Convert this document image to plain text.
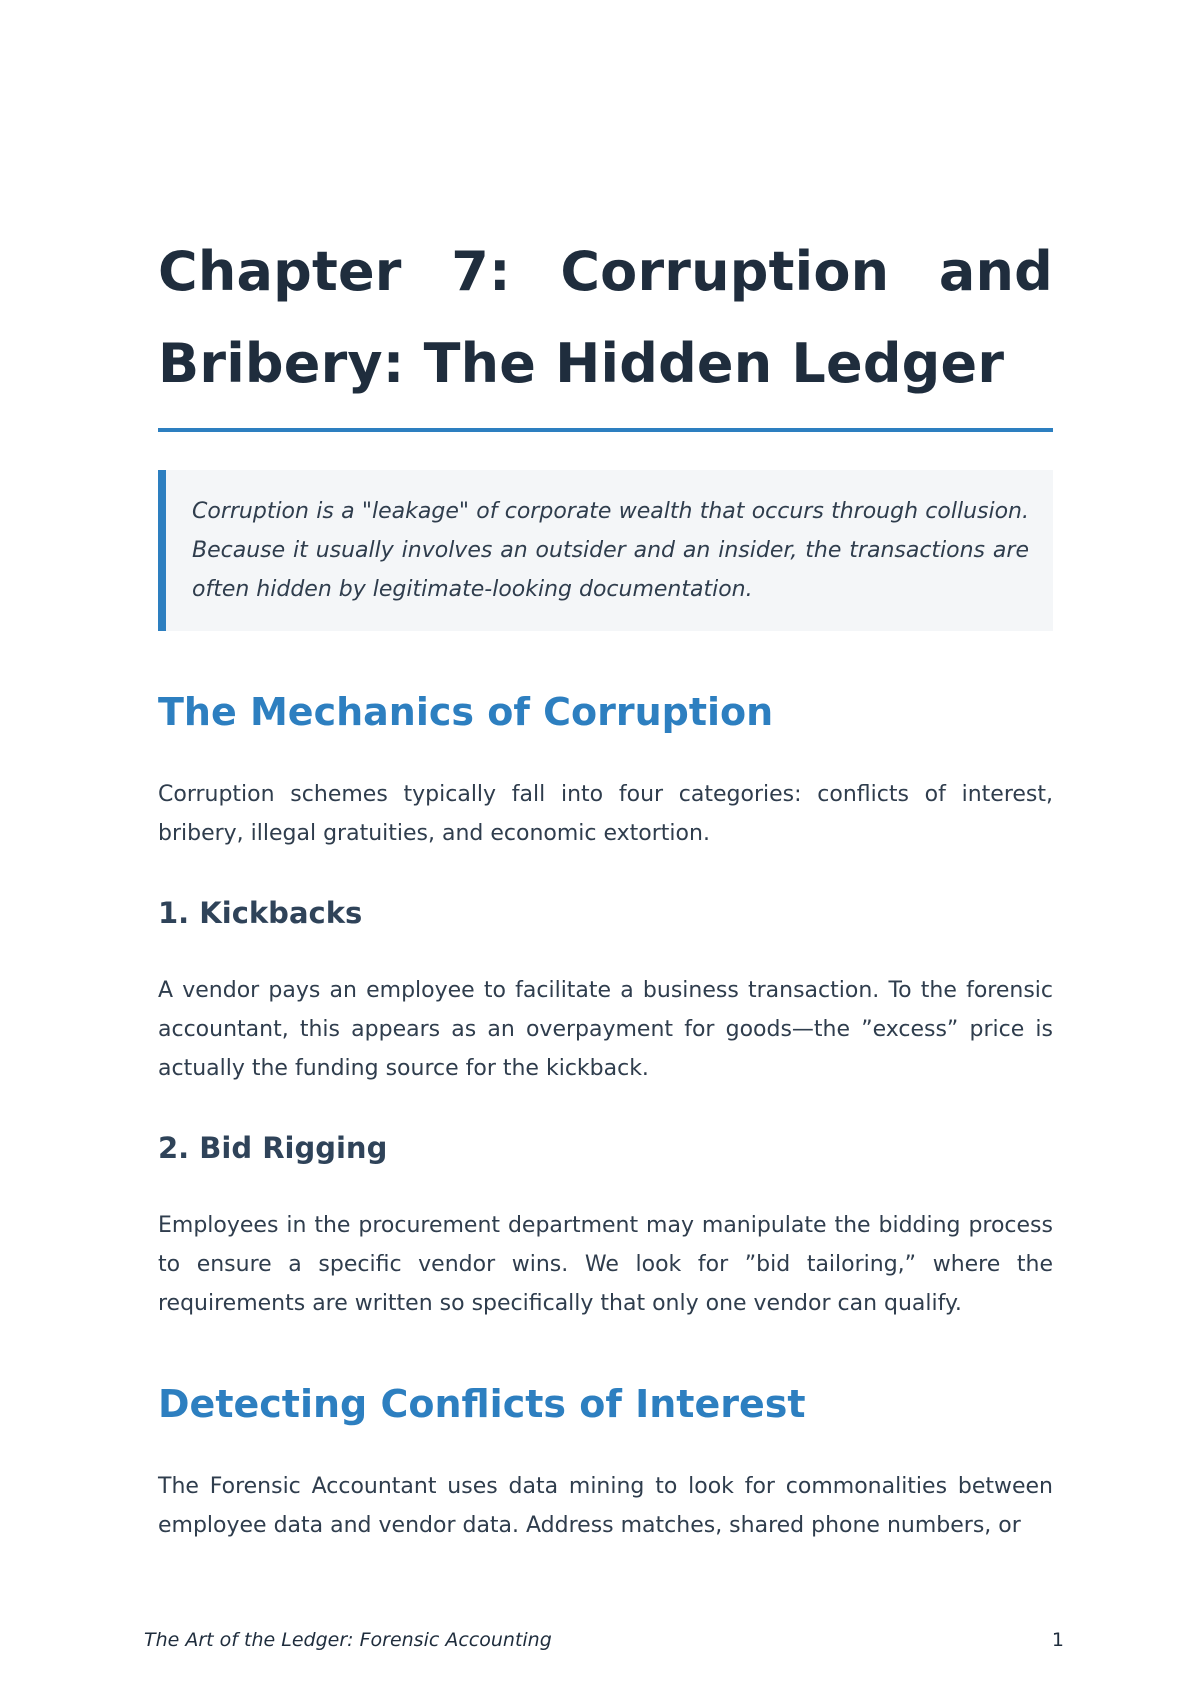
Chapter 7: Corruption and Bribery: The Hidden Ledger
Corruption is a "leakage" of corporate wealth that occurs through collusion. Because it usually involves an outsider and an insider, the transactions are often hidden by legitimate-looking documentation.
The Mechanics of Corruption

Corruption schemes typically fall into four categories: conflicts of interest, bribery, illegal gratuities, and economic extortion.

1. Kickbacks

A vendor pays an employee to facilitate a business transaction. To the forensic accountant, this appears as an overpayment for goods—the ”excess” price is actually the funding source for the kickback.

2. Bid Rigging

Employees in the procurement department may manipulate the bidding process to ensure a specific vendor wins. We look for ”bid tailoring,” where the requirements are written so specifically that only one vendor can qualify.

Detecting Conflicts of Interest

The Forensic Accountant uses data mining to look for commonalities between employee data and vendor data. Address matches, shared phone numbers, or

The Art of the Ledger: Forensic Accounting	1
